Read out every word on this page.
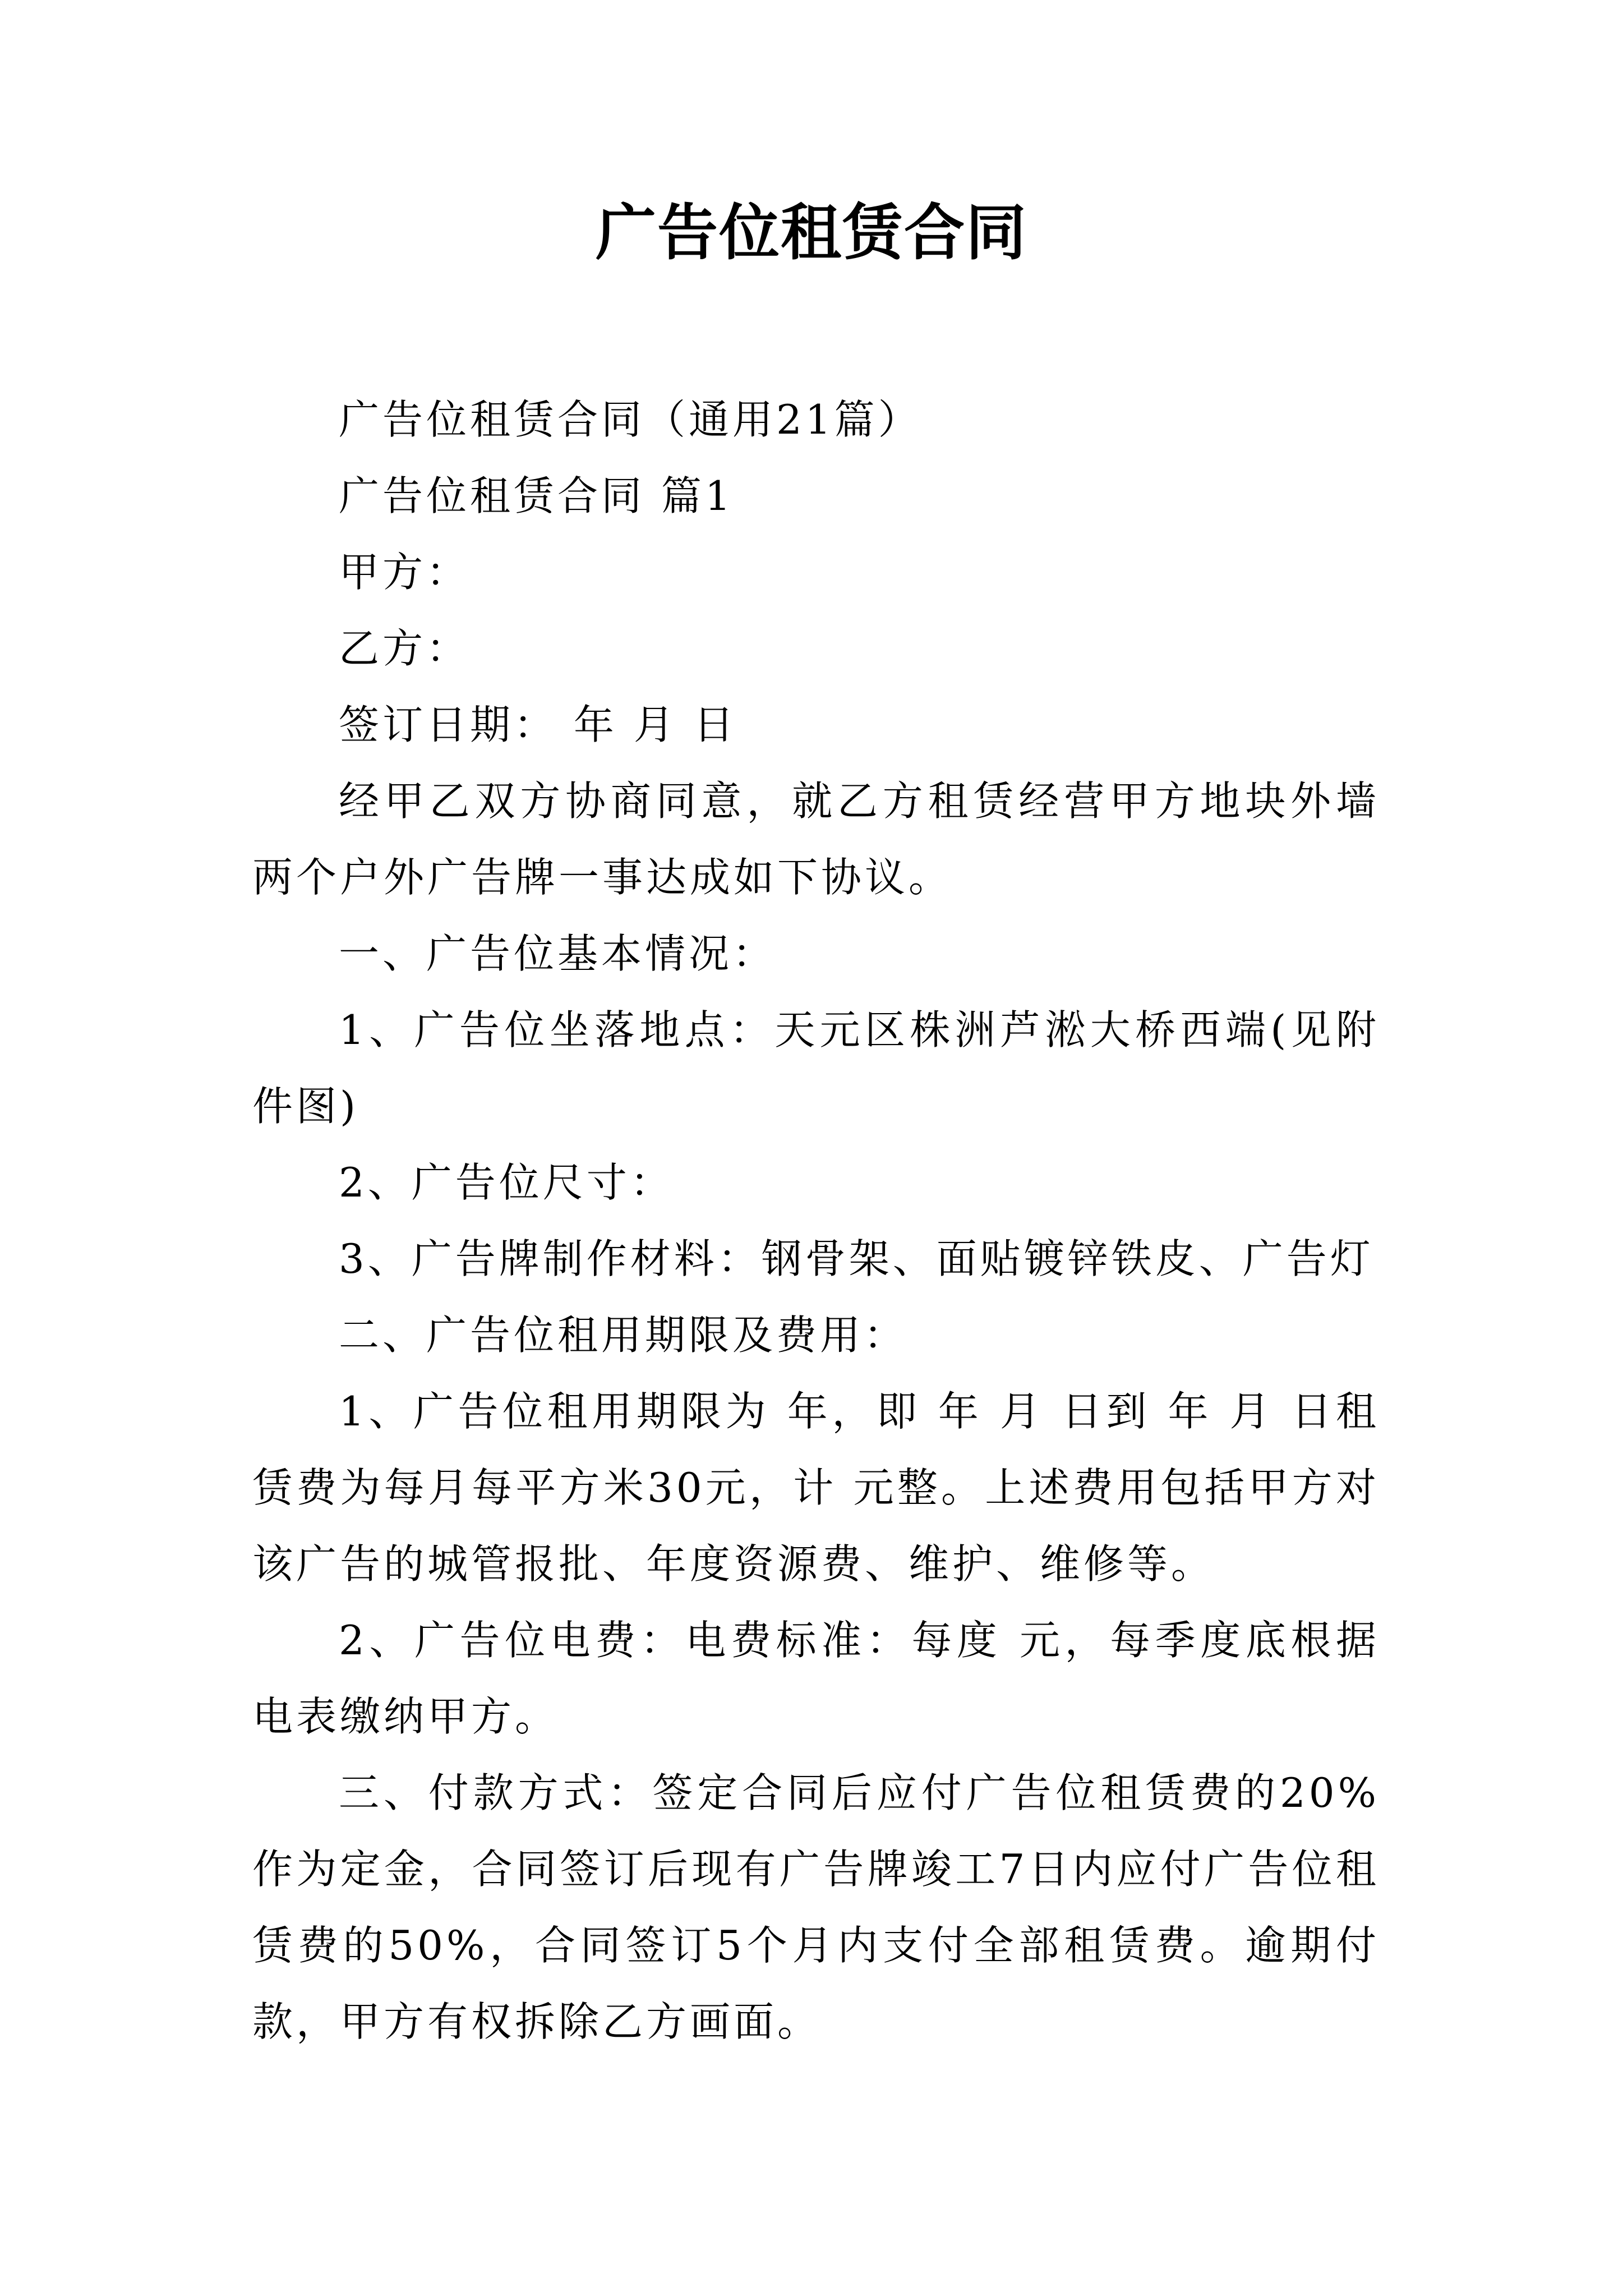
广告位租赁合同

广告位租赁合同（通用21篇）

广告位租赁合同 篇1

甲方：

乙方：

签订日期： 年 月 日

经甲乙双方协商同意，就乙方租赁经营甲方地块外墙两个户外广告牌一事达成如下协议。

一、广告位基本情况：

1、广告位坐落地点：天元区株洲芦淞大桥西端(见附件图)

2、广告位尺寸：

3、广告牌制作材料：钢骨架、面贴镀锌铁皮、广告灯

二、广告位租用期限及费用：

1、广告位租用期限为 年，即 年 月 日到 年 月 日租赁费为每月每平方米30元，计 元整。上述费用包括甲方对该广告的城管报批、年度资源费、维护、维修等。

2、广告位电费：电费标准：每度 元，每季度底根据电表缴纳甲方。

三、付款方式：签定合同后应付广告位租赁费的20%作为定金，合同签订后现有广告牌竣工7日内应付广告位租赁费的50%，合同签订5个月内支付全部租赁费。逾期付款，甲方有权拆除乙方画面。
